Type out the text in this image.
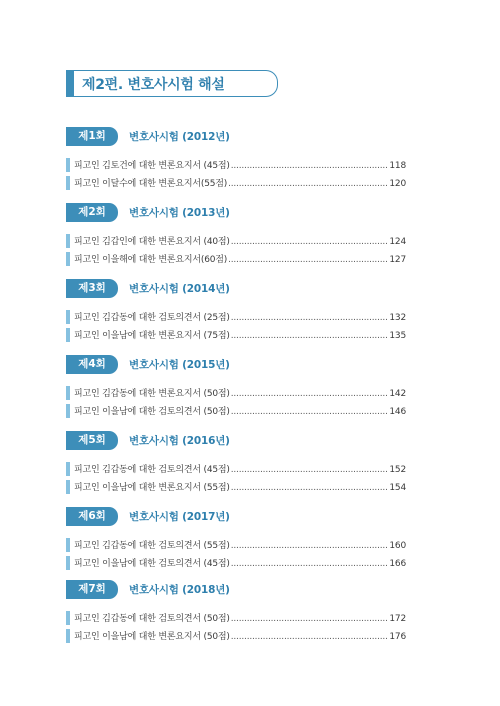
제2편. 변호사시험 해설
제1회	변호사시험 (2012년)
피고인 김토건에 대한 변론요지서 (45점) .....	118
피고인 이달수에 대한 변론요지서(55점) .....	120
제2회	변호사시험 (2013년)
피고인 김갑인에 대한 변론요지서 (40점) .....	124
피고인 이을해에 대한 변론요지서(60점) .....	127
제3회	변호사시험 (2014년)
피고인 김갑동에 대한 검토의견서 (25점) .....	132
피고인 이을남에 대한 변론요지서 (75점) .....	135
제4회	변호사시험 (2015년)
피고인 김갑동에 대한 변론요지서 (50점) .....	142
피고인 이을남에 대한 검토의견서 (50점) .....	146
제5회	변호사시험 (2016년)
피고인 김갑동에 대한 검토의견서 (45점) .....	152
피고인 이을남에 대한 변론요지서 (55점) .....	154
제6회	변호사시험 (2017년)
피고인 김갑동에 대한 검토의견서 (55점) .....	160
피고인 이을남에 대한 검토의견서 (45점) .....	166
제7회	변호사시험 (2018년)
피고인 김갑동에 대한 검토의견서 (50점) .....	172
피고인 이을남에 대한 변론요지서 (50점) .....	176
